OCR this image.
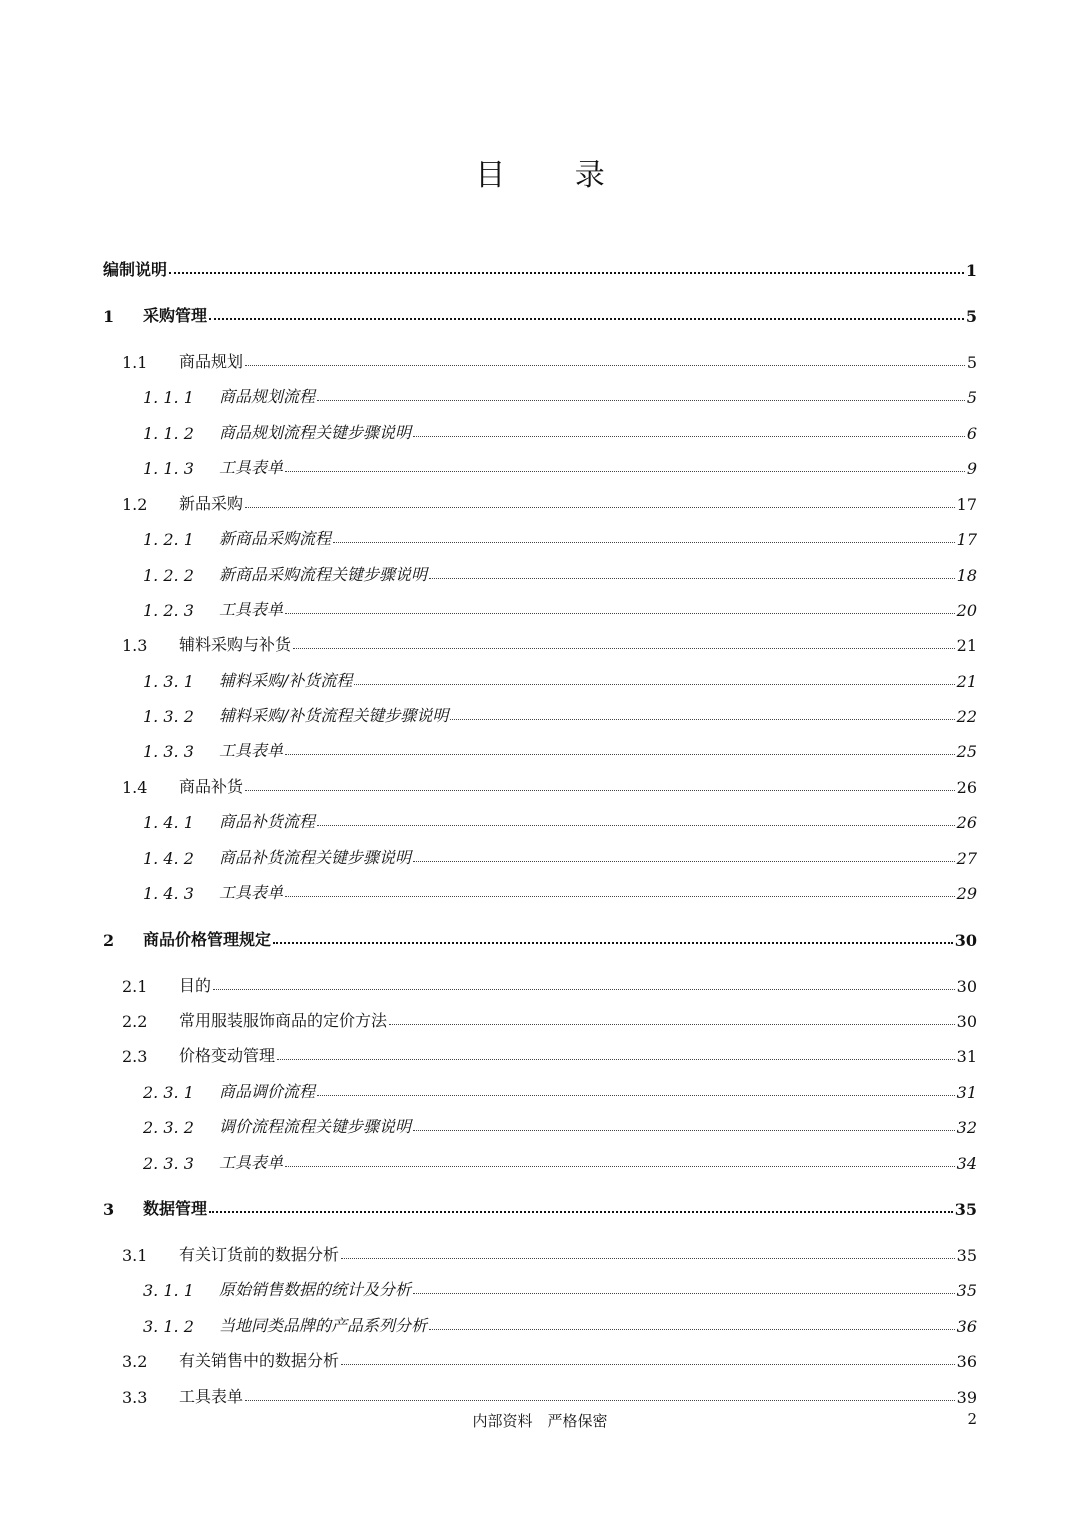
目 录
编制说明	1
1	采购管理	5
1.1	商品规划	5
1. 1. 1	商品规划流程	5
1. 1. 2	商品规划流程关键步骤说明	6
1. 1. 3	工具表单	9
1.2	新品采购	17
1. 2. 1	新商品采购流程	17
1. 2. 2	新商品采购流程关键步骤说明	18
1. 2. 3	工具表单	20
1.3	辅料采购与补货	21
1. 3. 1	辅料采购/补货流程	21
1. 3. 2	辅料采购/补货流程关键步骤说明	22
1. 3. 3	工具表单	25
1.4	商品补货	26
1. 4. 1	商品补货流程	26
1. 4. 2	商品补货流程关键步骤说明	27
1. 4. 3	工具表单	29
2	商品价格管理规定	30
2.1	目的	30
2.2	常用服装服饰商品的定价方法	30
2.3	价格变动管理	31
2. 3. 1	商品调价流程	31
2. 3. 2	调价流程流程关键步骤说明	32
2. 3. 3	工具表单	34
3	数据管理	35
3.1	有关订货前的数据分析	35
3. 1. 1	原始销售数据的统计及分析	35
3. 1. 2	当地同类品牌的产品系列分析	36
3.2	有关销售中的数据分析	36
3.3	工具表单	39
内部资料　严格保密	2
